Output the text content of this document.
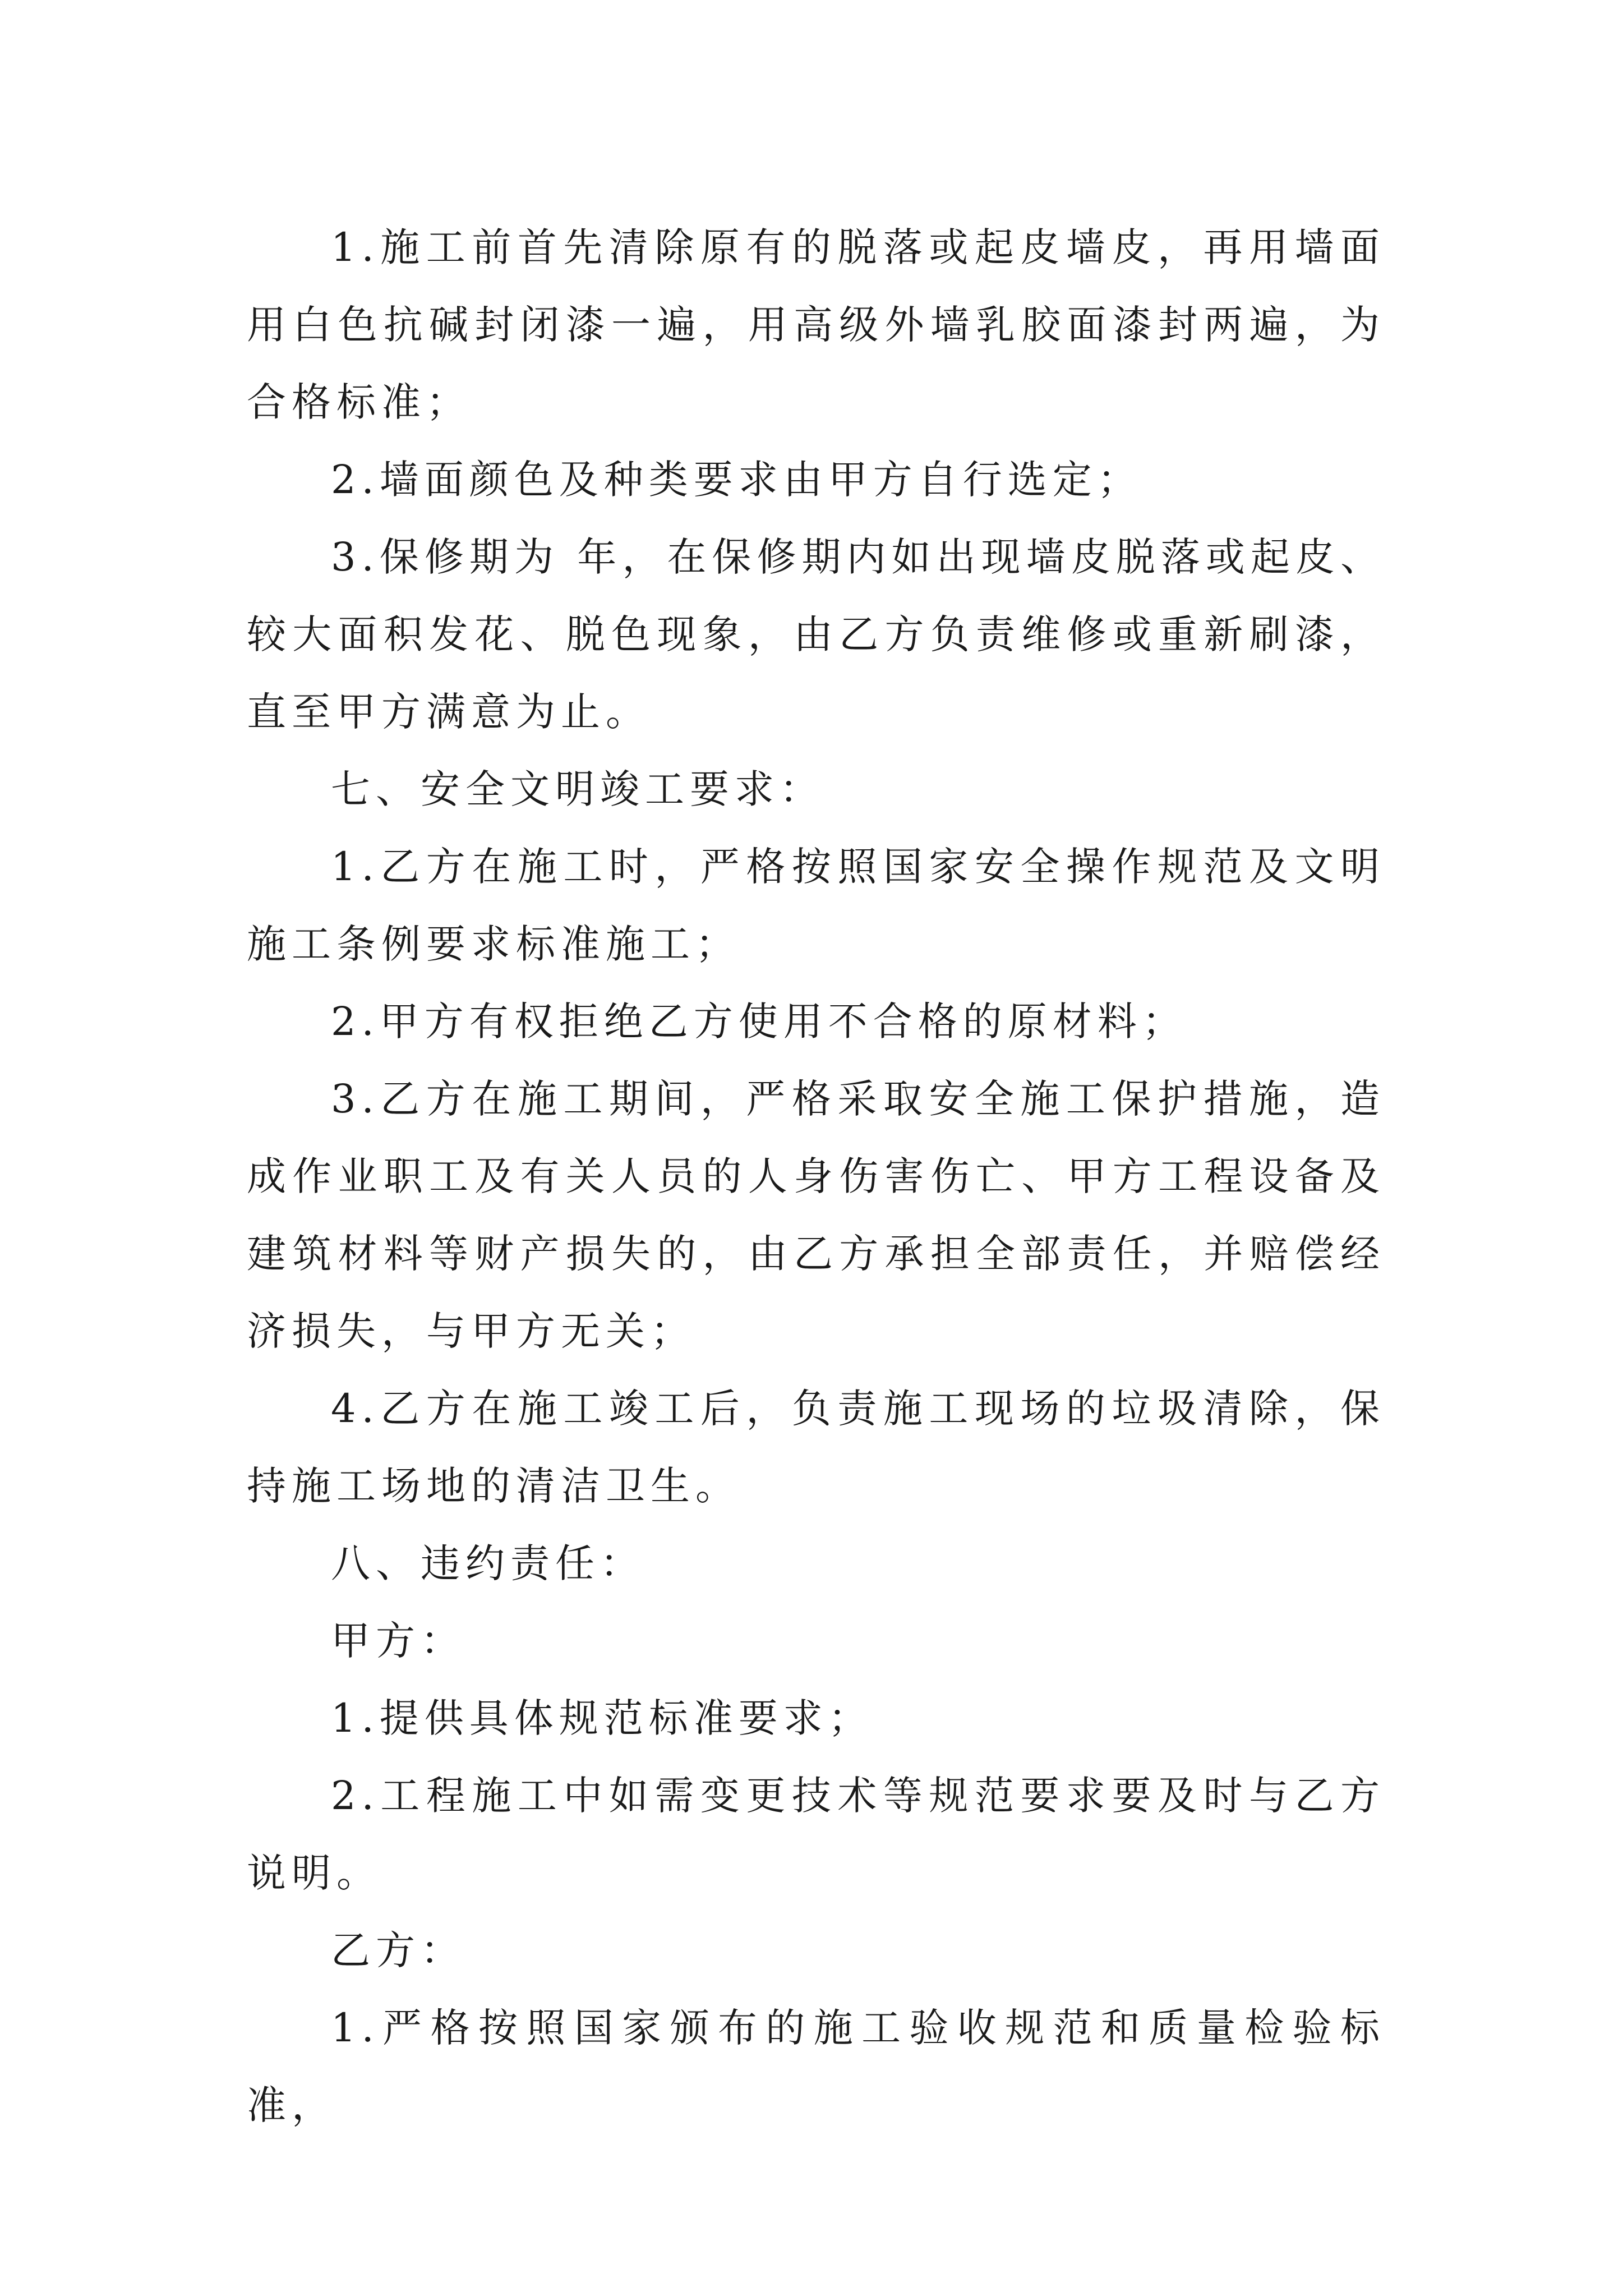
1.施工前首先清除原有的脱落或起皮墙皮，再用墙面用白色抗碱封闭漆一遍，用高级外墙乳胶面漆封两遍，为合格标准；

2.墙面颜色及种类要求由甲方自行选定；

3.保修期为 年，在保修期内如出现墙皮脱落或起皮、较大面积发花、脱色现象，由乙方负责维修或重新刷漆，直至甲方满意为止。

七、安全文明竣工要求：

1.乙方在施工时，严格按照国家安全操作规范及文明施工条例要求标准施工；

2.甲方有权拒绝乙方使用不合格的原材料；

3.乙方在施工期间，严格采取安全施工保护措施，造成作业职工及有关人员的人身伤害伤亡、甲方工程设备及建筑材料等财产损失的，由乙方承担全部责任，并赔偿经济损失，与甲方无关；

4.乙方在施工竣工后，负责施工现场的垃圾清除，保持施工场地的清洁卫生。

八、违约责任：

甲方：

1.提供具体规范标准要求；

2.工程施工中如需变更技术等规范要求要及时与乙方说明。

乙方：

1.严格按照国家颁布的施工验收规范和质量检验标准，
